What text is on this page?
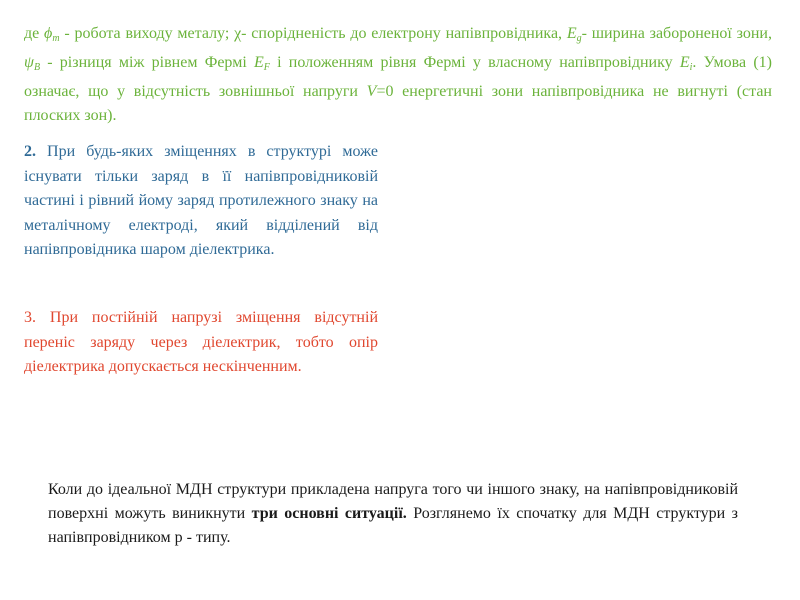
де $\phi_m$ - робота виходу металу; χ- спорідненість до електрону напівпровідника, $E_g-$ ширина забороненої зони, $\psi_B$ - різниця між рівнем Фермі $E_F$ і положенням рівня Фермі у власному напівпровіднику $E_i$. Умова (1) означає, що у відсутність зовнішньої напруги V=0 енергетичні зони напівпровідника не вигнуті (стан плоских зон).
2. При будь-яких зміщеннях в структурі може існувати тільки заряд в її напівпровідниковій частині і рівний йому заряд протилежного знаку на металічному електроді, який відділений від напівпровідника шаром діелектрика.
3. При постійній напрузі зміщення відсутній перенiс заряду через діелектрик, тобто опір діелектрика допускається нескінченним.
Коли до ідеальної МДН структури прикладена напруга того чи іншого знаку, на напівпровідниковій поверхні можуть виникнути три основні ситуації. Розглянемо їх спочатку для МДН структури з напівпровідником р - типу.
